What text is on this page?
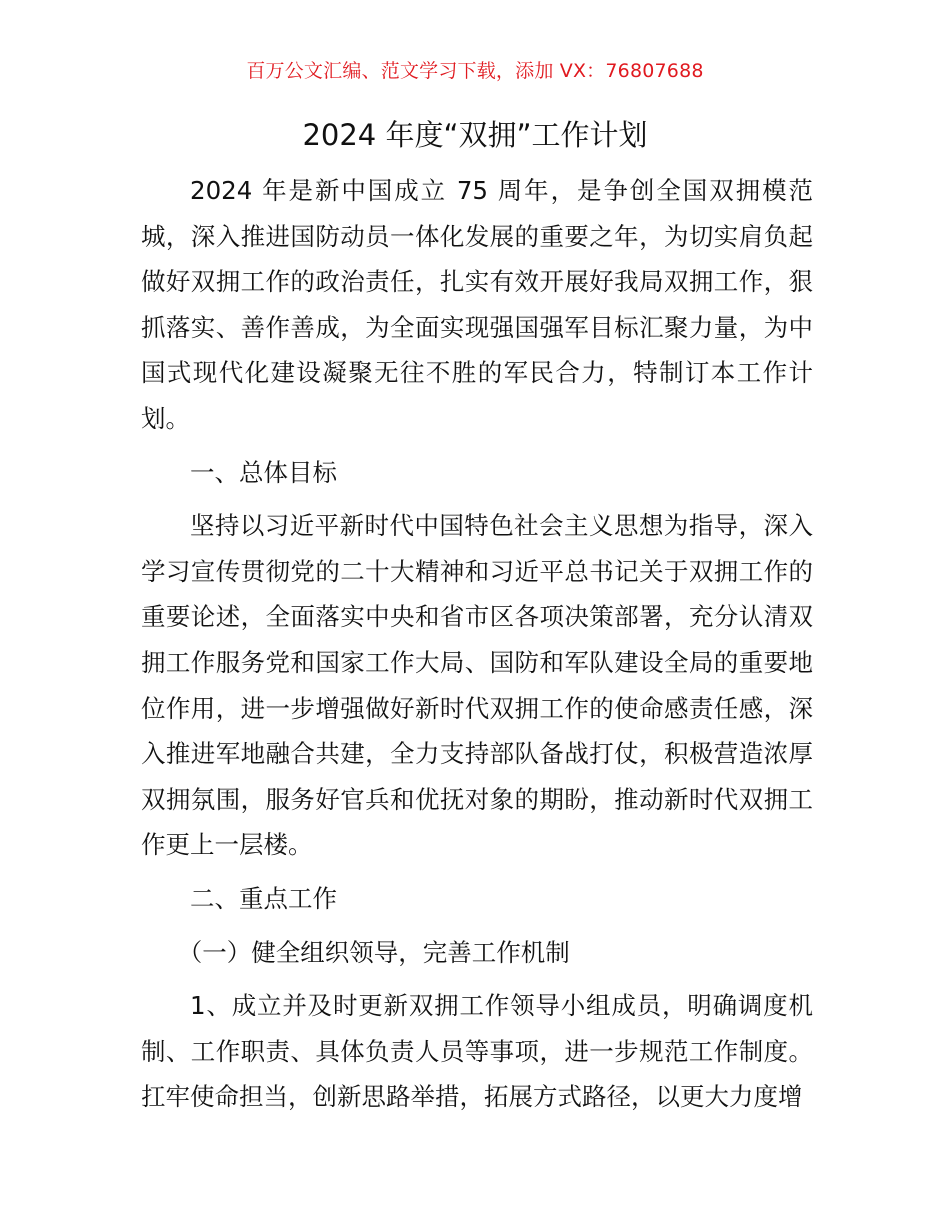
百万公文汇编、范文学习下载，添加 VX：76807688
2024 年度“双拥”工作计划

2024 年是新中国成立 75 周年，是争创全国双拥模范城，深入推进国防动员一体化发展的重要之年，为切实肩负起做好双拥工作的政治责任，扎实有效开展好我局双拥工作，狠抓落实、善作善成，为全面实现强国强军目标汇聚力量，为中国式现代化建设凝聚无往不胜的军民合力，特制订本工作计划。

一、总体目标

坚持以习近平新时代中国特色社会主义思想为指导，深入学习宣传贯彻党的二十大精神和习近平总书记关于双拥工作的重要论述，全面落实中央和省市区各项决策部署，充分认清双拥工作服务党和国家工作大局、国防和军队建设全局的重要地位作用，进一步增强做好新时代双拥工作的使命感责任感，深入推进军地融合共建，全力支持部队备战打仗，积极营造浓厚双拥氛围，服务好官兵和优抚对象的期盼，推动新时代双拥工作更上一层楼。

二、重点工作

（一）健全组织领导，完善工作机制

1、成立并及时更新双拥工作领导小组成员，明确调度机制、工作职责、具体负责人员等事项，进一步规范工作制度。扛牢使命担当，创新思路举措，拓展方式路径，以更大力度增
